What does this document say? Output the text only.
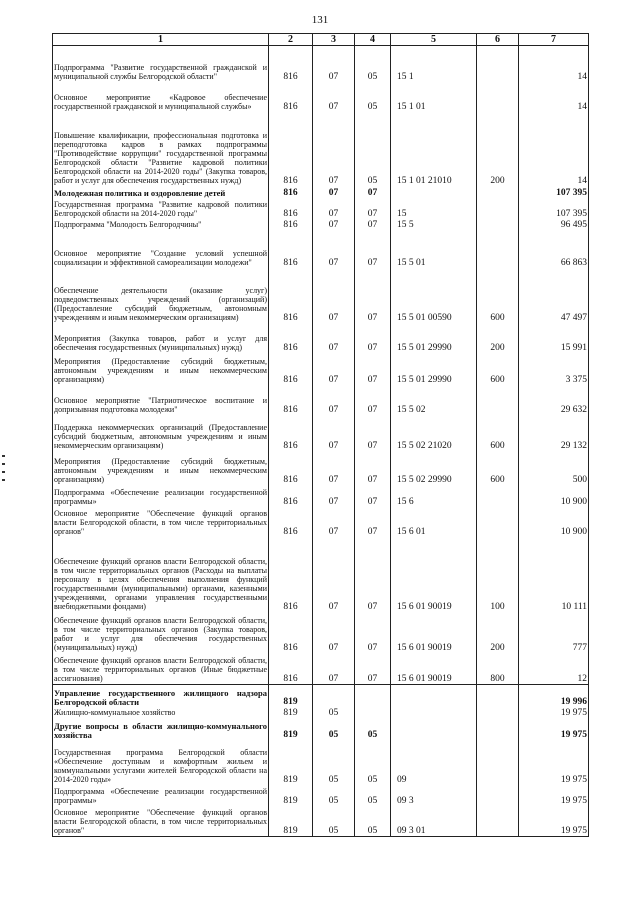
131
1	2	3	4	5	6	7
Подпрограмма "Развитие государственной гражданской и муниципальной службы Белгородской области"	816	07	05	15 1		14
Основное мероприятие «Кадровое обеспечение государственной гражданской и муниципальной службы»	816	07	05	15 1 01		14
Повышение квалификации, профессиональная подготовка и переподготовка кадров в рамках подпрограммы "Противодействие коррупции" государственной программы Белгородской области "Развитие кадровой политики Белгородской области на 2014-2020 годы" (Закупка товаров, работ и услуг для обеспечения государственных нужд)	816	07	05	15 1 01 21010	200	14
Молодежная политика и оздоровление детей	816	07	07			107 395
Государственная программа "Развитие кадровой политики Белгородской области на 2014-2020 годы"	816	07	07	15		107 395
Подпрограмма "Молодость Белгородчины"	816	07	07	15 5		96 495
Основное мероприятие "Создание условий успешной социализации и эффективной самореализации молодежи"	816	07	07	15 5 01		66 863
Обеспечение деятельности (оказание услуг) подведомственных учреждений (организаций) (Предоставление субсидий бюджетным, автономным учреждениям и иным некоммерческим организациям)	816	07	07	15 5 01 00590	600	47 497
Мероприятия (Закупка товаров, работ и услуг для обеспечения государственных (муниципальных) нужд)	816	07	07	15 5 01 29990	200	15 991
Мероприятия (Предоставление субсидий бюджетным, автономным учреждениям и иным некоммерческим организациям)	816	07	07	15 5 01 29990	600	3 375
Основное мероприятие "Патриотическое воспитание и допризывная подготовка молодежи"	816	07	07	15 5 02		29 632
Поддержка некоммерческих организаций (Предоставление субсидий бюджетным, автономным учреждениям и иным некоммерческим организациям)	816	07	07	15 5 02 21020	600	29 132
Мероприятия (Предоставление субсидий бюджетным, автономным учреждениям и иным некоммерческим организациям)	816	07	07	15 5 02 29990	600	500
Подпрограмма «Обеспечение реализации государственной программы»	816	07	07	15 6		10 900
Основное мероприятие "Обеспечение функций органов власти Белгородской области, в том числе территориальных органов"	816	07	07	15 6 01		10 900
Обеспечение функций органов власти Белгородской области, в том числе территориальных органов (Расходы на выплаты персоналу в целях обеспечения выполнения функций государственными (муниципальными) органами, казенными учреждениями, органами управления государственными внебюджетными фондами)	816	07	07	15 6 01 90019	100	10 111
Обеспечение функций органов власти Белгородской области, в том числе территориальных органов (Закупка товаров, работ и услуг для обеспечения государственных (муниципальных) нужд)	816	07	07	15 6 01 90019	200	777
Обеспечение функций органов власти Белгородской области, в том числе территориальных органов (Иные бюджетные ассигнования)	816	07	07	15 6 01 90019	800	12
Управление государственного жилищного надзора Белгородской области	819					19 996
Жилищно-коммунальное хозяйство	819	05				19 975
Другие вопросы в области жилищно-коммунального хозяйства	819	05	05			19 975
Государственная программа Белгородской области «Обеспечение доступным и комфортным жильем и коммунальными услугами жителей Белгородской области на 2014-2020 годы»	819	05	05	09		19 975
Подпрограмма «Обеспечение реализации государственной программы»	819	05	05	09 3		19 975
Основное мероприятие "Обеспечение функций органов власти Белгородской области, в том числе территориальных органов"	819	05	05	09 3 01		19 975
